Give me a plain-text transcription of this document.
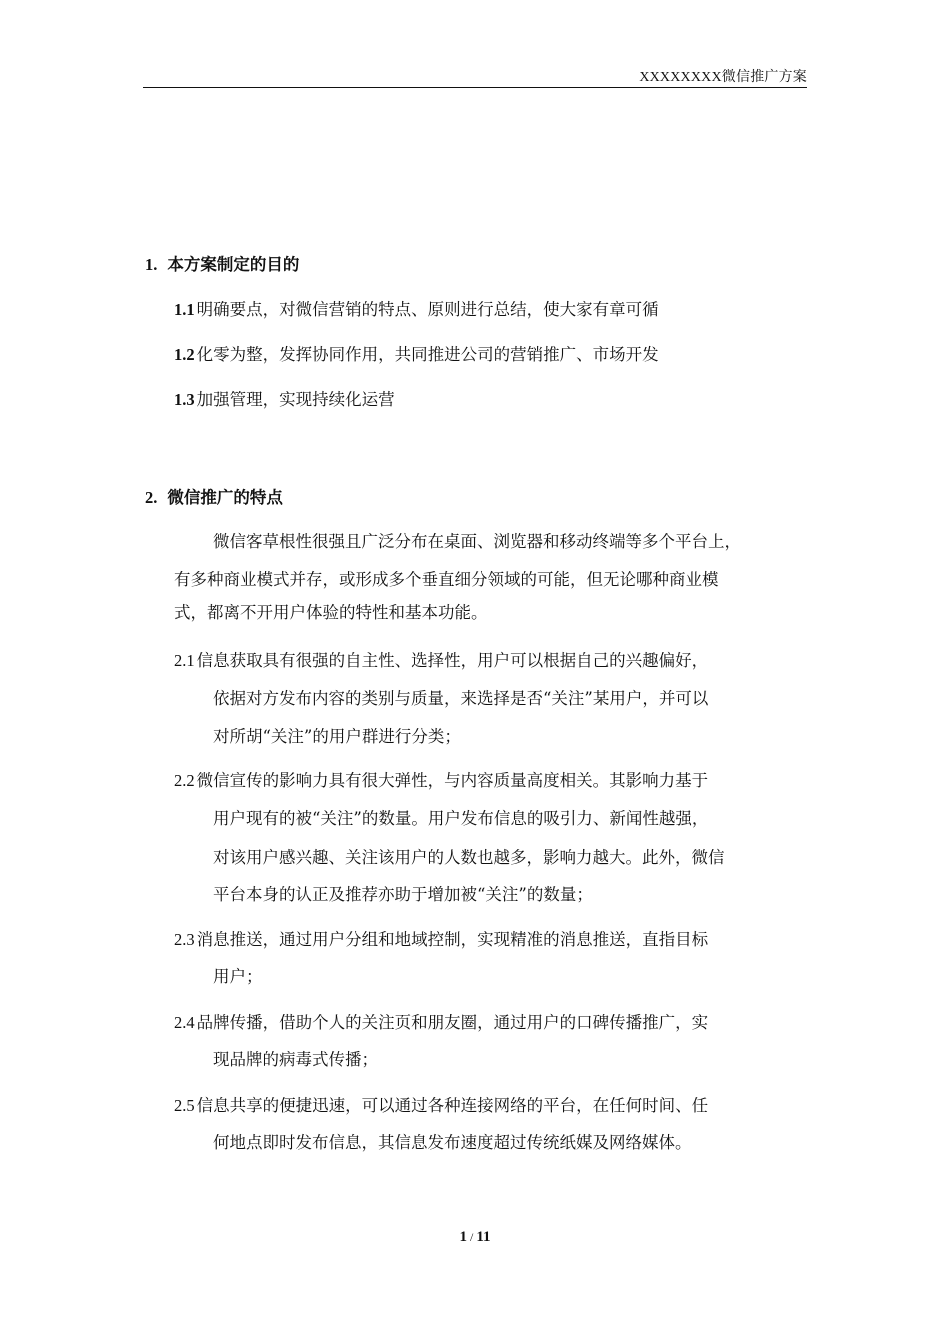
XXXXXXXX微信推广方案
1. 本方案制定的目的
1.1 明确要点，对微信营销的特点、原则进行总结，使大家有章可循
1.2 化零为整，发挥协同作用，共同推进公司的营销推广、市场开发
1.3 加强管理，实现持续化运营
2. 微信推广的特点
微信客草根性很强且广泛分布在桌面、浏览器和移动终端等多个平台上，
有多种商业模式并存，或形成多个垂直细分领域的可能，但无论哪种商业模
式，都离不开用户体验的特性和基本功能。
2.1 信息获取具有很强的自主性、选择性，用户可以根据自己的兴趣偏好，
依据对方发布内容的类别与质量，来选择是否“关注”某用户，并可以
对所胡“关注”的用户群进行分类；
2.2 微信宣传的影响力具有很大弹性，与内容质量高度相关。其影响力基于
用户现有的被“关注”的数量。用户发布信息的吸引力、新闻性越强，
对该用户感兴趣、关注该用户的人数也越多，影响力越大。此外，微信
平台本身的认正及推荐亦助于增加被“关注”的数量；
2.3 消息推送，通过用户分组和地域控制，实现精准的消息推送，直指目标
用户；
2.4 品牌传播，借助个人的关注页和朋友圈，通过用户的口碑传播推广，实
现品牌的病毒式传播；
2.5 信息共享的便捷迅速，可以通过各种连接网络的平台，在任何时间、任
何地点即时发布信息，其信息发布速度超过传统纸媒及网络媒体。
1 / 11
